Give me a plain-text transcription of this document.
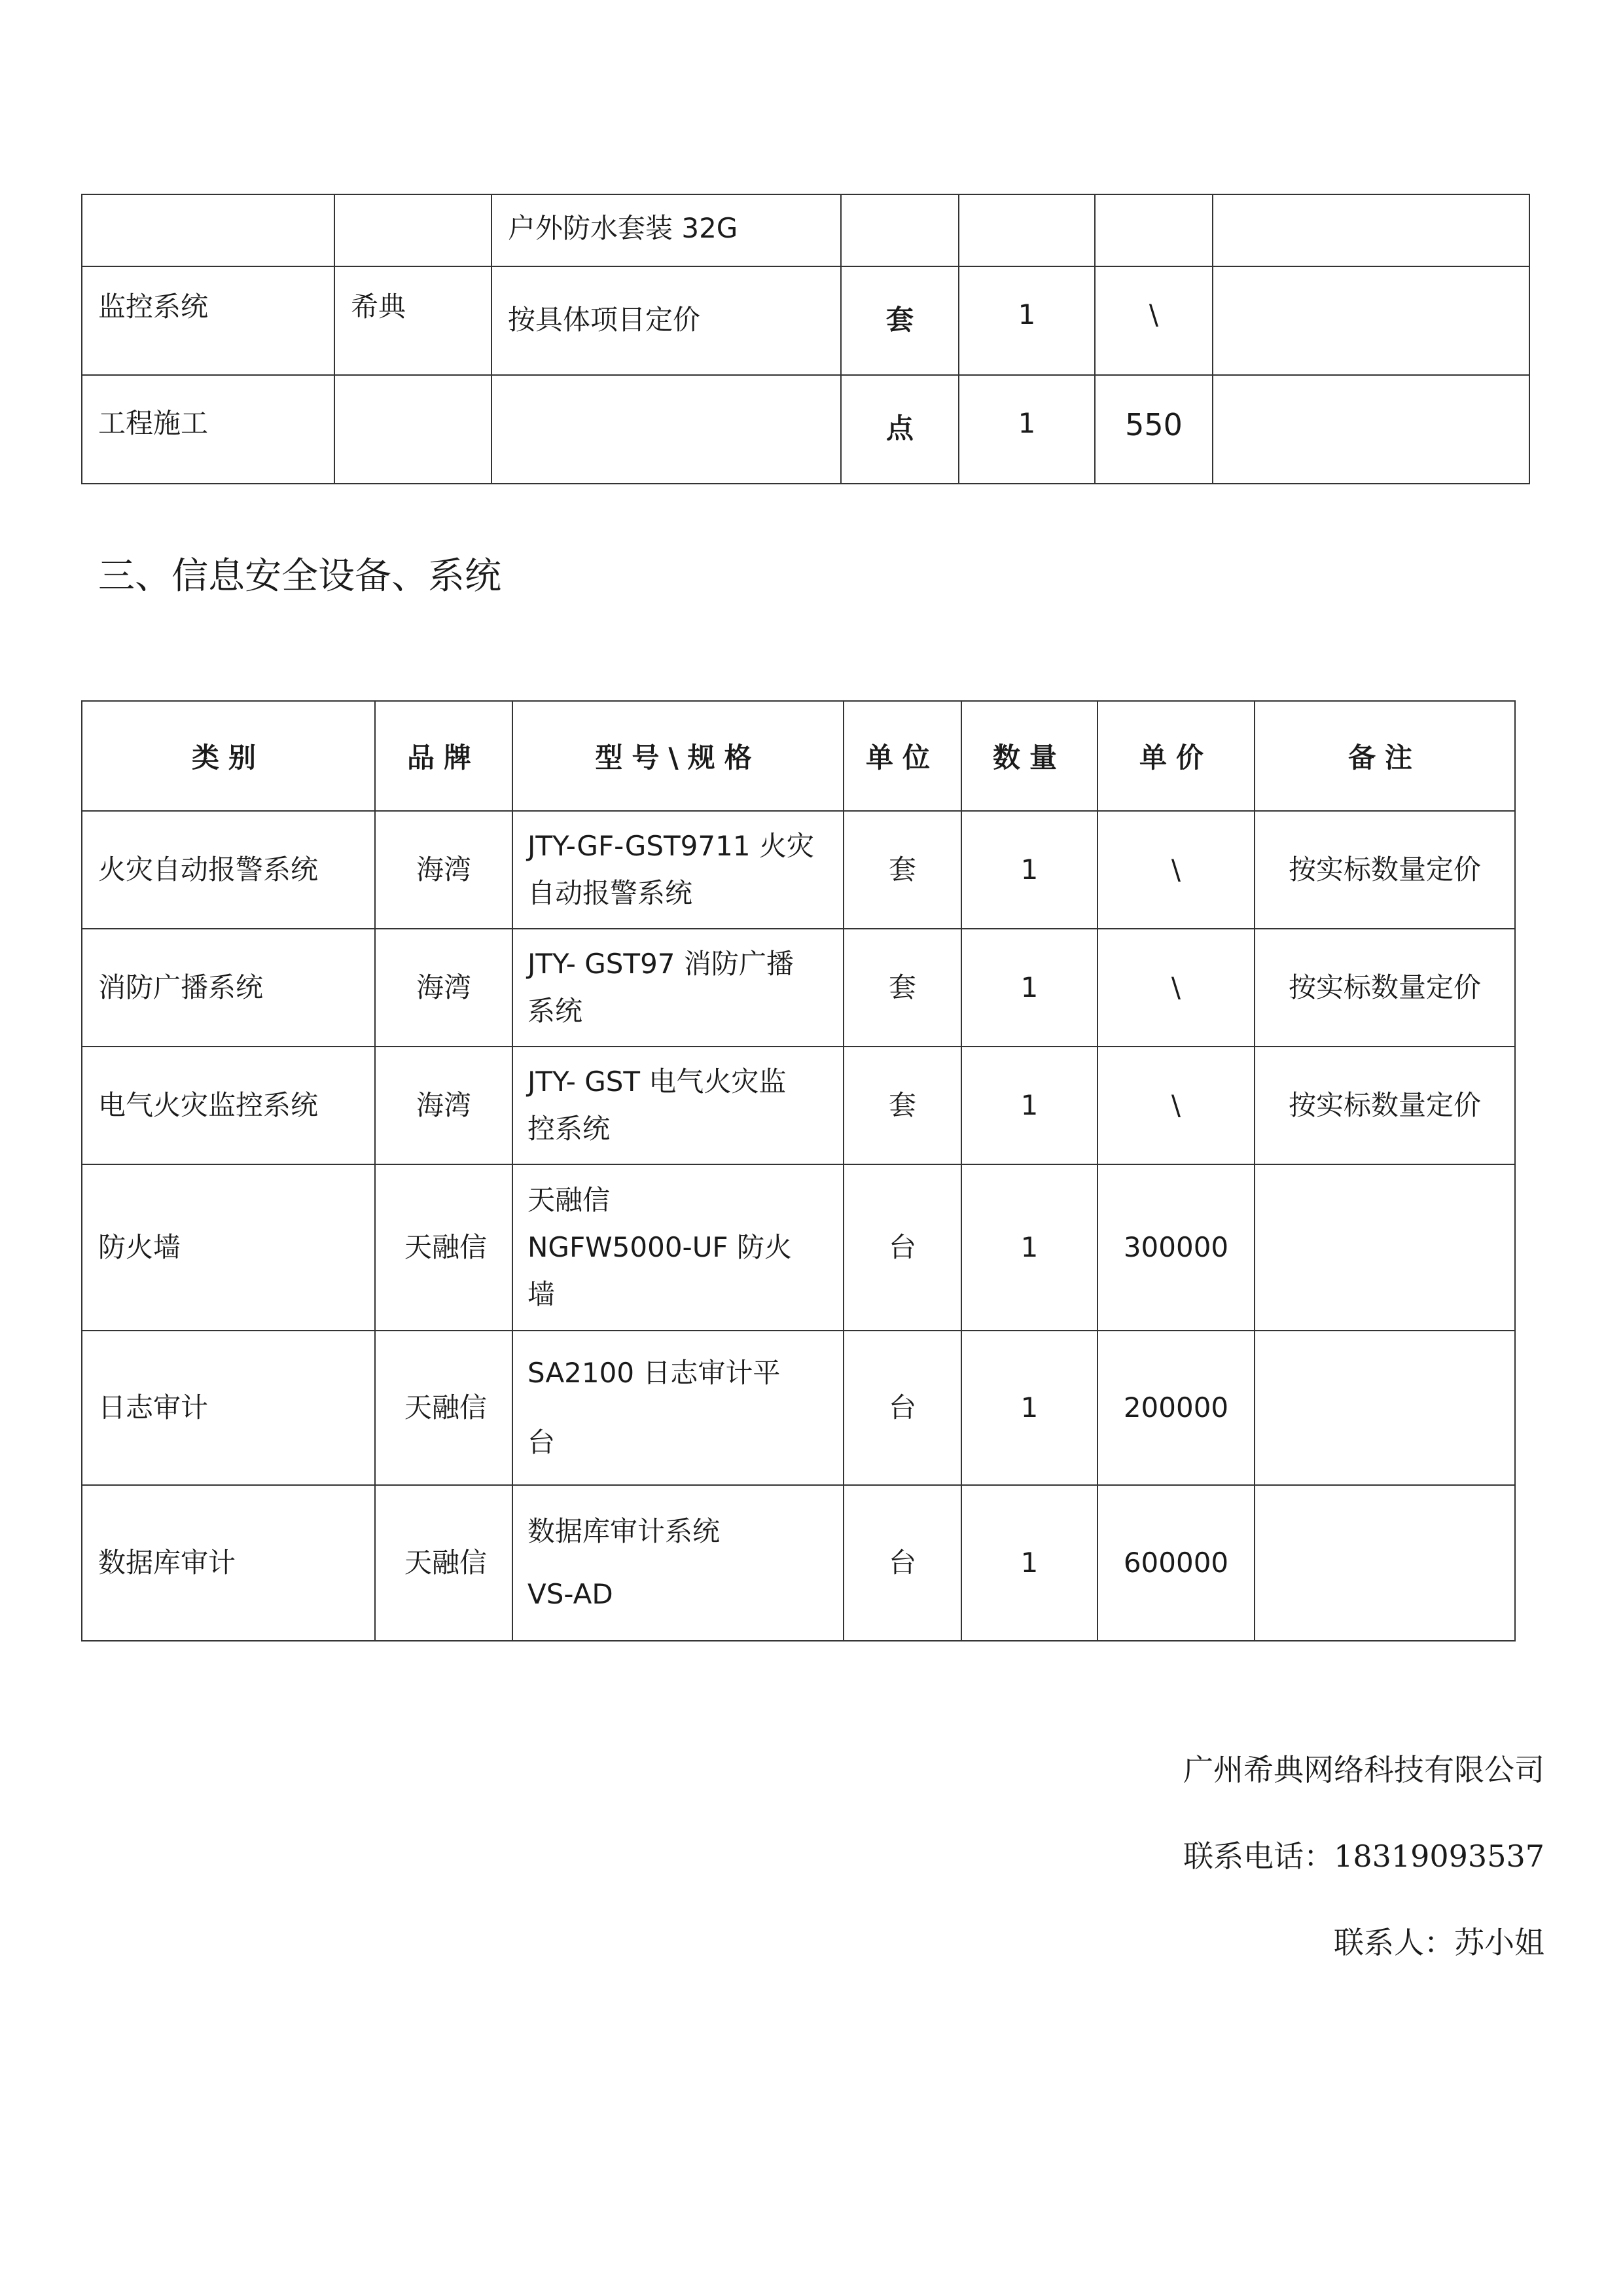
		户外防水套装 32G				

监控系统	希典	按具体项目定价	套	1	\	

工程施工			点	1	550	

三、信息安全设备、系统
类别	品牌	型号\规格	单位	数量	单价	备注
火灾自动报警系统	海湾	JTY-GF-GST9711 火灾
自动报警系统	套	1	\	按实标数量定价
消防广播系统	海湾	JTY- GST97 消防广播
系统	套	1	\	按实标数量定价
电气火灾监控系统	海湾	JTY- GST 电气火灾监
控系统	套	1	\	按实标数量定价
防火墙	天融信	天融信
NGFW5000-UF 防火
墙	台	1	300000	
日志审计	天融信	SA2100 日志审计平
台	台	1	200000	
数据库审计	天融信	数据库审计系统
VS-AD	台	1	600000	
广州希典网络科技有限公司
联系电话：18319093537
联系人：苏小姐
